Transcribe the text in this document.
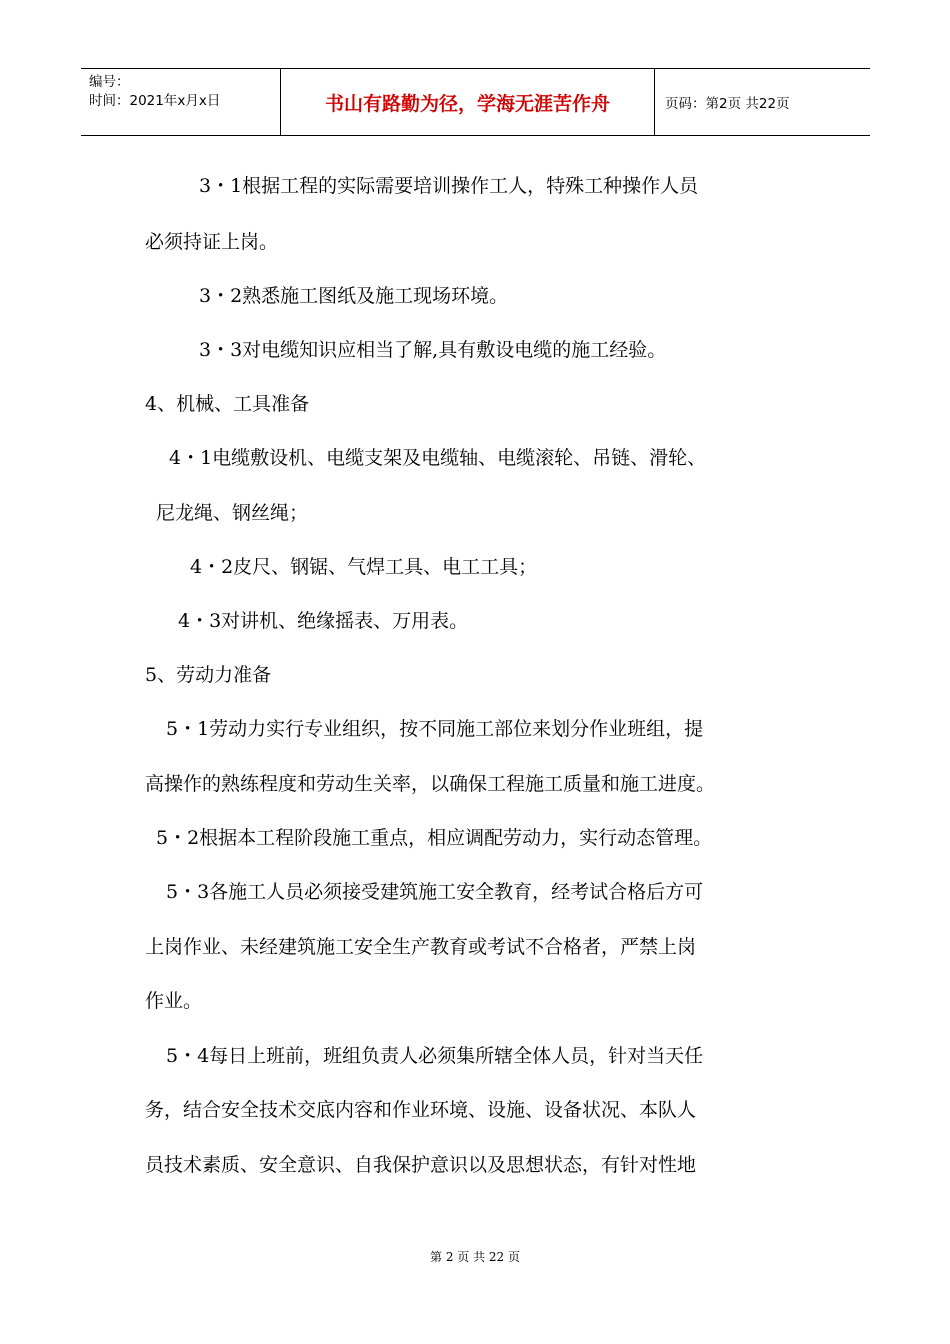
编号：
时间：2021年x月x日	书山有路勤为径，学海无涯苦作舟	页码：第2页 共22页
3・1根据工程的实际需要培训操作工人，特殊工种操作人员
必须持证上岗。
3・2熟悉施工图纸及施工现场环境。
3・3对电缆知识应相当了解,具有敷设电缆的施工经验。
4、机械、工具准备
4・1电缆敷设机、电缆支架及电缆轴、电缆滚轮、吊链、滑轮、
尼龙绳、钢丝绳；
4・2皮尺、钢锯、气焊工具、电工工具；
4・3对讲机、绝缘摇表、万用表。
5、劳动力准备
5・1劳动力实行专业组织，按不同施工部位来划分作业班组，提
高操作的熟练程度和劳动生关率，以确保工程施工质量和施工进度。
5・2根据本工程阶段施工重点，相应调配劳动力，实行动态管理。
5・3各施工人员必须接受建筑施工安全教育，经考试合格后方可
上岗作业、未经建筑施工安全生产教育或考试不合格者，严禁上岗
作业。
5・4每日上班前，班组负责人必须集所辖全体人员，针对当天任
务，结合安全技术交底内容和作业环境、设施、设备状况、本队人
员技术素质、安全意识、自我保护意识以及思想状态，有针对性地
第 2 页 共 22 页
